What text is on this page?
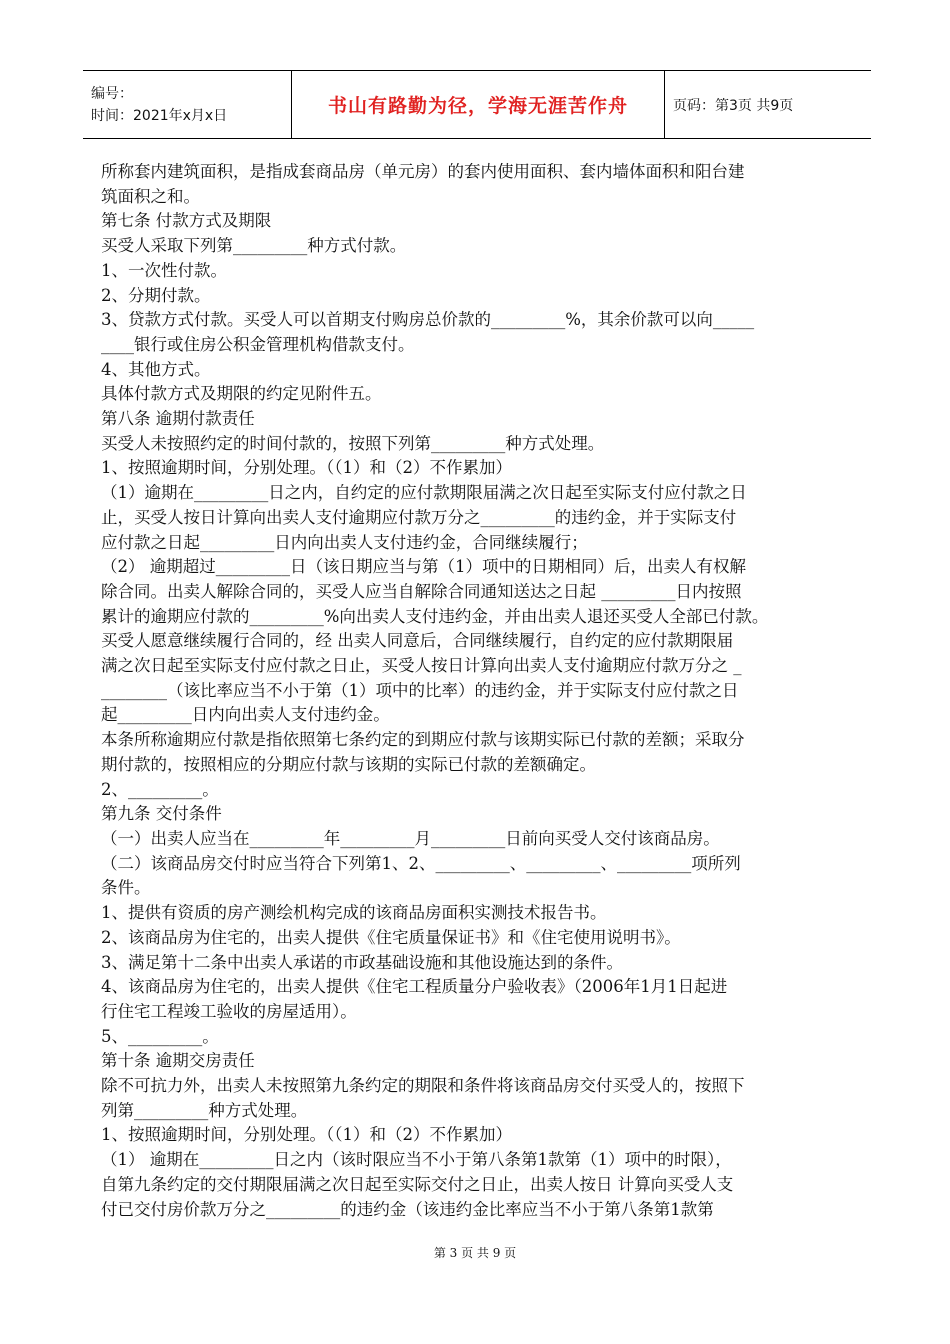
编号：
时间：2021年x月x日	书山有路勤为径，学海无涯苦作舟	页码：第3页 共9页

所称套内建筑面积，是指成套商品房（单元房）的套内使用面积、套内墙体面积和阳台建

筑面积之和。

第七条 付款方式及期限

买受人采取下列第_________种方式付款。

1、一次性付款。

2、分期付款。

3、贷款方式付款。买受人可以首期支付购房总价款的_________%，其余价款可以向_____

____银行或住房公积金管理机构借款支付。

4、其他方式。

具体付款方式及期限的约定见附件五。

第八条 逾期付款责任

买受人未按照约定的时间付款的，按照下列第_________种方式处理。

1、按照逾期时间，分别处理。（（1）和（2）不作累加）

（1）逾期在_________日之内，自约定的应付款期限届满之次日起至实际支付应付款之日

止，买受人按日计算向出卖人支付逾期应付款万分之_________的违约金，并于实际支付

应付款之日起_________日内向出卖人支付违约金，合同继续履行；

（2） 逾期超过_________日（该日期应当与第（1）项中的日期相同）后，出卖人有权解

除合同。出卖人解除合同的，买受人应当自解除合同通知送达之日起 _________日内按照

累计的逾期应付款的_________%向出卖人支付违约金，并由出卖人退还买受人全部已付款。

买受人愿意继续履行合同的，经 出卖人同意后，合同继续履行，自约定的应付款期限届

满之次日起至实际支付应付款之日止，买受人按日计算向出卖人支付逾期应付款万分之 _

________（该比率应当不小于第（1）项中的比率）的违约金，并于实际支付应付款之日

起_________日内向出卖人支付违约金。

本条所称逾期应付款是指依照第七条约定的到期应付款与该期实际已付款的差额；采取分

期付款的，按照相应的分期应付款与该期的实际已付款的差额确定。

2、_________。

第九条 交付条件

（一）出卖人应当在_________年_________月_________日前向买受人交付该商品房。

（二）该商品房交付时应当符合下列第1、2、_________、_________、_________项所列

条件。

1、提供有资质的房产测绘机构完成的该商品房面积实测技术报告书。

2、该商品房为住宅的，出卖人提供《住宅质量保证书》和《住宅使用说明书》。

3、满足第十二条中出卖人承诺的市政基础设施和其他设施达到的条件。

4、该商品房为住宅的，出卖人提供《住宅工程质量分户验收表》（2006年1月1日起进

行住宅工程竣工验收的房屋适用）。

5、_________。

第十条 逾期交房责任

除不可抗力外，出卖人未按照第九条约定的期限和条件将该商品房交付买受人的，按照下

列第_________种方式处理。

1、按照逾期时间，分别处理。（（1）和（2）不作累加）

（1） 逾期在_________日之内（该时限应当不小于第八条第1款第（1）项中的时限），

自第九条约定的交付期限届满之次日起至实际交付之日止，出卖人按日 计算向买受人支

付已交付房价款万分之_________的违约金（该违约金比率应当不小于第八条第1款第

第 3 页 共 9 页
